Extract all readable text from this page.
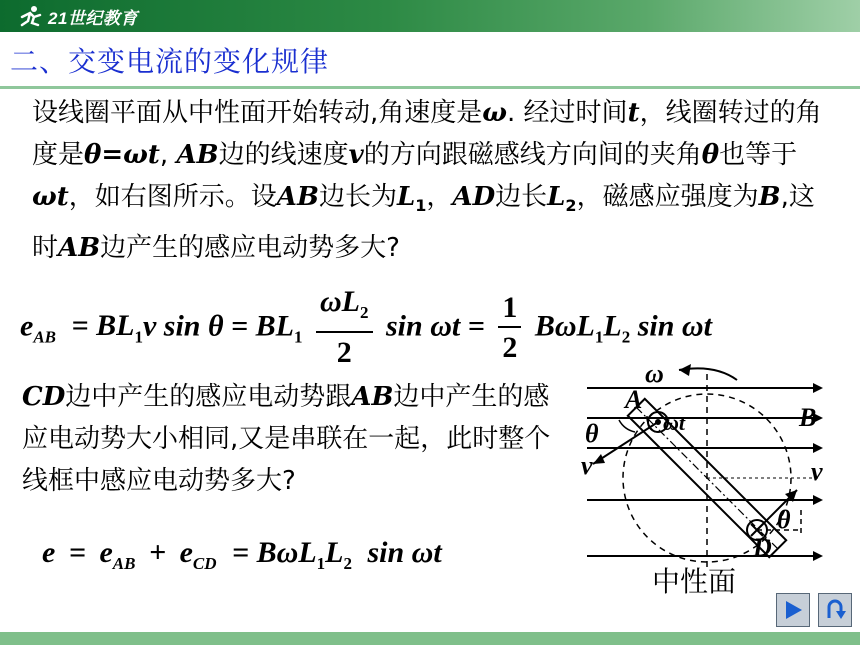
21世纪教育
二、交变电流的变化规律
设线圈平面从中性面开始转动,角速度是ω. 经过时间t，线圈转过的角度是θ=ωt, AB边的线速度v的方向跟磁感线方向间的夹角θ也等于ωt，如右图所示。设AB边长为$L_1$，AD边长$L_2$，磁感应强度为B,这时AB边产生的感应电动势多大?
$e_{AB} = BL_1v$ $\sin \theta = BL_1 \frac{\omega L_2}{2}$ $\sin \omega t = \frac{1}{2} B\omega L_1L_2$ sin ωt
CD边中产生的感应电动势跟AB边中产生的感应电动势大小相同,又是串联在一起，此时整个线框中感应电动势多大?
$e = e_{AB} + e_{CD} = B\omega L_1L_2$ sin ωt
ω
A
B
θ	ωt
v	v
θ
D
中性面
